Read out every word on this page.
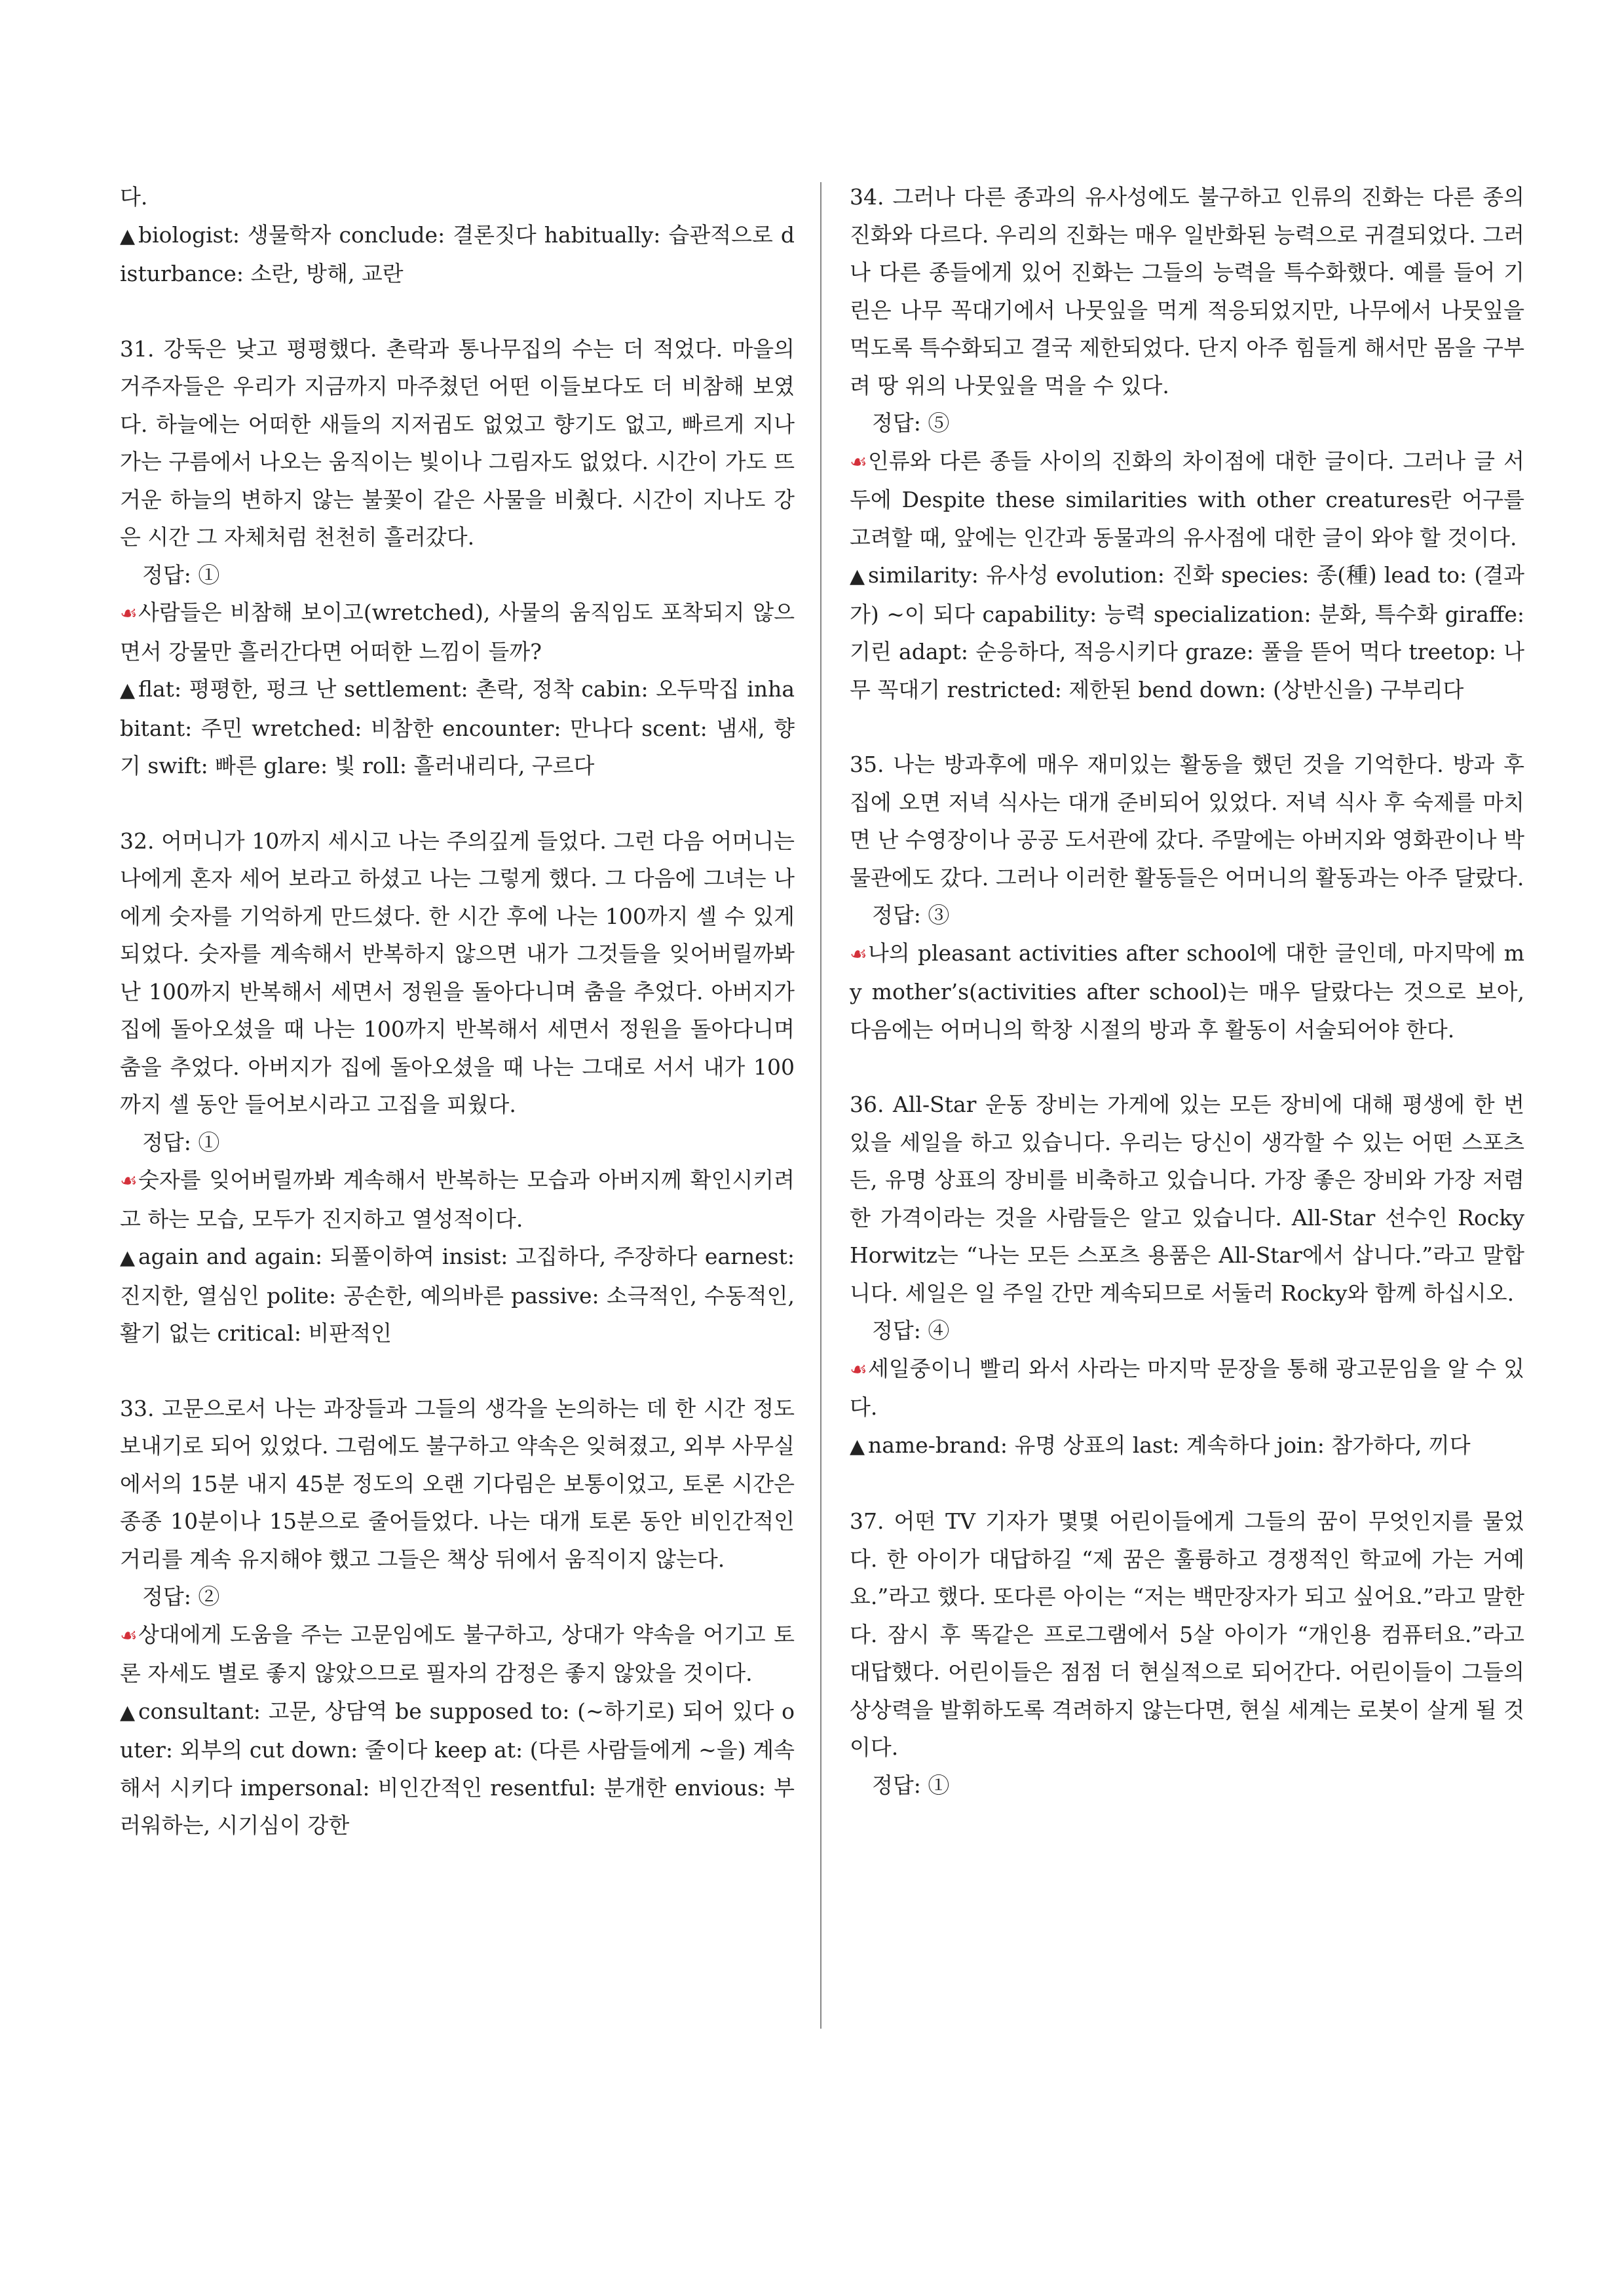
다.

▲ biologist: 생물학자 conclude: 결론짓다 habitually: 습관적으로 disturbance: 소란, 방해, 교란

31. 강둑은 낮고 평평했다. 촌락과 통나무집의 수는 더 적었다. 마을의 거주자들은 우리가 지금까지 마주쳤던 어떤 이들보다도 더 비참해 보였다. 하늘에는 어떠한 새들의 지저귐도 없었고 향기도 없고, 빠르게 지나가는 구름에서 나오는 움직이는 빛이나 그림자도 없었다. 시간이 가도 뜨거운 하늘의 변하지 않는 불꽃이 같은 사물을 비췄다. 시간이 지나도 강은 시간 그 자체처럼 천천히 흘러갔다.

정답: ①

☙사람들은 비참해 보이고(wretched), 사물의 움직임도 포착되지 않으면서 강물만 흘러간다면 어떠한 느낌이 들까?

▲ flat: 평평한, 펑크 난 settlement: 촌락, 정착 cabin: 오두막집 inhabitant: 주민 wretched: 비참한 encounter: 만나다 scent: 냄새, 향기 swift: 빠른 glare: 빛 roll: 흘러내리다, 구르다

32. 어머니가 10까지 세시고 나는 주의깊게 들었다. 그런 다음 어머니는 나에게 혼자 세어 보라고 하셨고 나는 그렇게 했다. 그 다음에 그녀는 나에게 숫자를 기억하게 만드셨다. 한 시간 후에 나는 100까지 셀 수 있게 되었다. 숫자를 계속해서 반복하지 않으면 내가 그것들을 잊어버릴까봐 난 100까지 반복해서 세면서 정원을 돌아다니며 춤을 추었다. 아버지가 집에 돌아오셨을 때 나는 100까지 반복해서 세면서 정원을 돌아다니며 춤을 추었다. 아버지가 집에 돌아오셨을 때 나는 그대로 서서 내가 100까지 셀 동안 들어보시라고 고집을 피웠다.

정답: ①

☙숫자를 잊어버릴까봐 계속해서 반복하는 모습과 아버지께 확인시키려고 하는 모습, 모두가 진지하고 열성적이다.

▲ again and again: 되풀이하여 insist: 고집하다, 주장하다 earnest: 진지한, 열심인 polite: 공손한, 예의바른 passive: 소극적인, 수동적인, 활기 없는 critical: 비판적인

33. 고문으로서 나는 과장들과 그들의 생각을 논의하는 데 한 시간 정도 보내기로 되어 있었다. 그럼에도 불구하고 약속은 잊혀졌고, 외부 사무실에서의 15분 내지 45분 정도의 오랜 기다림은 보통이었고, 토론 시간은 종종 10분이나 15분으로 줄어들었다. 나는 대개 토론 동안 비인간적인 거리를 계속 유지해야 했고 그들은 책상 뒤에서 움직이지 않는다.

정답: ②

☙상대에게 도움을 주는 고문임에도 불구하고, 상대가 약속을 어기고 토론 자세도 별로 좋지 않았으므로 필자의 감정은 좋지 않았을 것이다.

▲ consultant: 고문, 상담역 be supposed to: (~하기로) 되어 있다 outer: 외부의 cut down: 줄이다 keep at: (다른 사람들에게 ~을) 계속해서 시키다 impersonal: 비인간적인 resentful: 분개한 envious: 부러워하는, 시기심이 강한

34. 그러나 다른 종과의 유사성에도 불구하고 인류의 진화는 다른 종의 진화와 다르다. 우리의 진화는 매우 일반화된 능력으로 귀결되었다. 그러나 다른 종들에게 있어 진화는 그들의 능력을 특수화했다. 예를 들어 기린은 나무 꼭대기에서 나뭇잎을 먹게 적응되었지만, 나무에서 나뭇잎을 먹도록 특수화되고 결국 제한되었다. 단지 아주 힘들게 해서만 몸을 구부려 땅 위의 나뭇잎을 먹을 수 있다.

정답: ⑤

☙인류와 다른 종들 사이의 진화의 차이점에 대한 글이다. 그러나 글 서두에 Despite these similarities with other creatures란 어구를 고려할 때, 앞에는 인간과 동물과의 유사점에 대한 글이 와야 할 것이다.

▲ similarity: 유사성 evolution: 진화 species: 종(種) lead to: (결과가) ~이 되다 capability: 능력 specialization: 분화, 특수화 giraffe: 기린 adapt: 순응하다, 적응시키다 graze: 풀을 뜯어 먹다 treetop: 나무 꼭대기 restricted: 제한된 bend down: (상반신을) 구부리다

35. 나는 방과후에 매우 재미있는 활동을 했던 것을 기억한다. 방과 후 집에 오면 저녁 식사는 대개 준비되어 있었다. 저녁 식사 후 숙제를 마치면 난 수영장이나 공공 도서관에 갔다. 주말에는 아버지와 영화관이나 박물관에도 갔다. 그러나 이러한 활동들은 어머니의 활동과는 아주 달랐다.

정답: ③

☙나의 pleasant activities after school에 대한 글인데, 마지막에 my mother’s(activities after school)는 매우 달랐다는 것으로 보아, 다음에는 어머니의 학창 시절의 방과 후 활동이 서술되어야 한다.

36. All-Star 운동 장비는 가게에 있는 모든 장비에 대해 평생에 한 번 있을 세일을 하고 있습니다. 우리는 당신이 생각할 수 있는 어떤 스포츠든, 유명 상표의 장비를 비축하고 있습니다. 가장 좋은 장비와 가장 저렴한 가격이라는 것을 사람들은 알고 있습니다. All-Star 선수인 Rocky Horwitz는 “나는 모든 스포츠 용품은 All-Star에서 삽니다.”라고 말합니다. 세일은 일 주일 간만 계속되므로 서둘러 Rocky와 함께 하십시오.

정답: ④

☙세일중이니 빨리 와서 사라는 마지막 문장을 통해 광고문임을 알 수 있다.

▲ name-brand: 유명 상표의 last: 계속하다 join: 참가하다, 끼다

37. 어떤 TV 기자가 몇몇 어린이들에게 그들의 꿈이 무엇인지를 물었다. 한 아이가 대답하길 “제 꿈은 훌륭하고 경쟁적인 학교에 가는 거예요.”라고 했다. 또다른 아이는 “저는 백만장자가 되고 싶어요.”라고 말한다. 잠시 후 똑같은 프로그램에서 5살 아이가 “개인용 컴퓨터요.”라고 대답했다. 어린이들은 점점 더 현실적으로 되어간다. 어린이들이 그들의 상상력을 발휘하도록 격려하지 않는다면, 현실 세계는 로봇이 살게 될 것이다.

정답: ①
